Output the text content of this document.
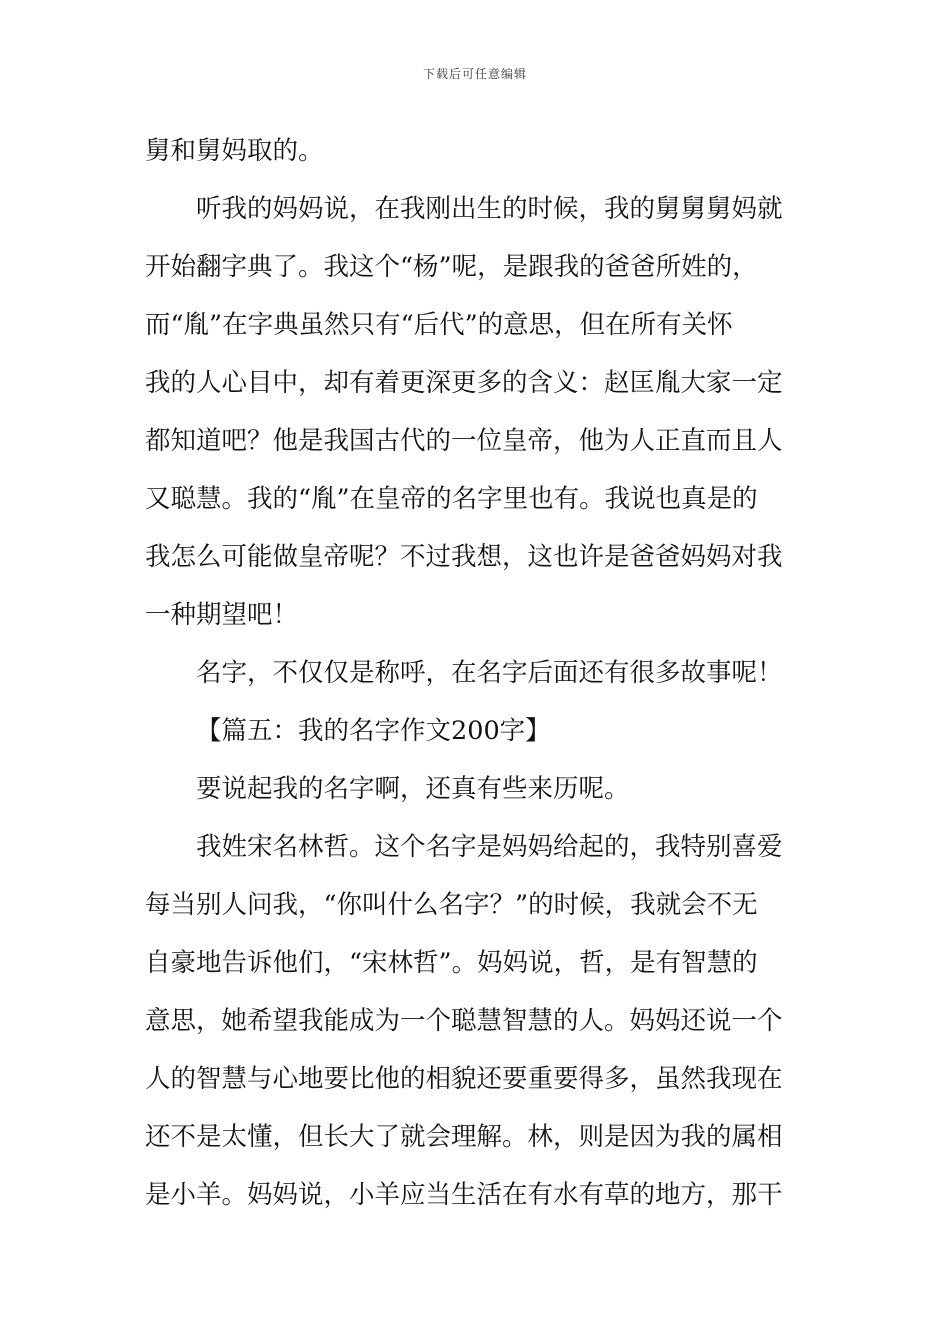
下载后可任意编辑
舅和舅妈取的。
听我的妈妈说，在我刚出生的时候，我的舅舅舅妈就
开始翻字典了。我这个“杨”呢，是跟我的爸爸所姓的，
而“胤”在字典虽然只有“后代”的意思，但在所有关怀
我的人心目中，却有着更深更多的含义：赵匡胤大家一定
都知道吧？他是我国古代的一位皇帝，他为人正直而且人
又聪慧。我的“胤”在皇帝的名字里也有。我说也真是的
我怎么可能做皇帝呢？不过我想，这也许是爸爸妈妈对我
一种期望吧！
名字，不仅仅是称呼，在名字后面还有很多故事呢！
【篇五：我的名字作文200字】
要说起我的名字啊，还真有些来历呢。
我姓宋名林哲。这个名字是妈妈给起的，我特别喜爱
每当别人问我，“你叫什么名字？”的时候，我就会不无
自豪地告诉他们，“宋林哲”。妈妈说，哲，是有智慧的
意思，她希望我能成为一个聪慧智慧的人。妈妈还说一个
人的智慧与心地要比他的相貌还要重要得多，虽然我现在
还不是太懂，但长大了就会理解。林，则是因为我的属相
是小羊。妈妈说，小羊应当生活在有水有草的地方，那干
